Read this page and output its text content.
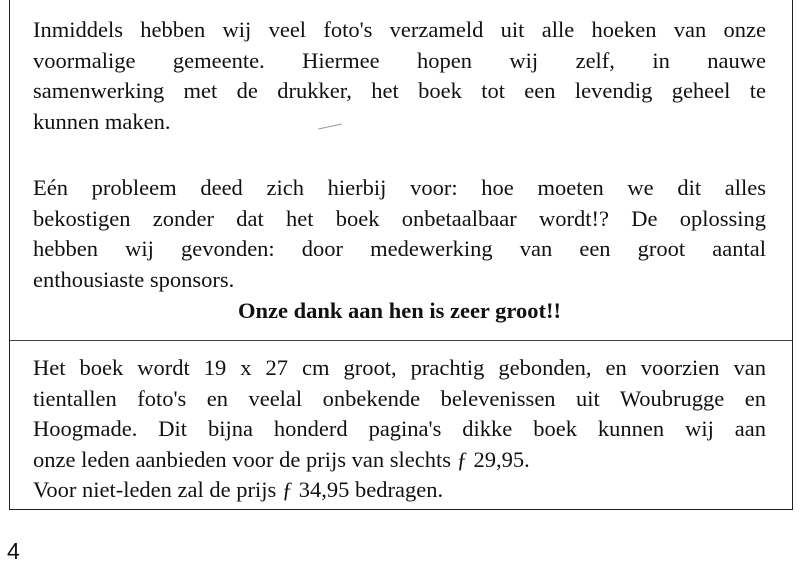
Inmiddels hebben wij veel foto's verzameld uit alle hoeken van onze
voormalige gemeente. Hiermee hopen wij zelf, in nauwe
samenwerking met de drukker, het boek tot een levendig geheel te
kunnen maken.
Eén probleem deed zich hierbij voor: hoe moeten we dit alles
bekostigen zonder dat het boek onbetaalbaar wordt!? De oplossing
hebben wij gevonden: door medewerking van een groot aantal
enthousiaste sponsors.

Onze dank aan hen is zeer groot!!

Het boek wordt 19 x 27 cm groot, prachtig gebonden, en voorzien van
tientallen foto's en veelal onbekende belevenissen uit Woubrugge en
Hoogmade. Dit bijna honderd pagina's dikke boek kunnen wij aan
onze leden aanbieden voor de prijs van slechts ƒ 29,95.
Voor niet-leden zal de prijs ƒ 34,95 bedragen.
4
